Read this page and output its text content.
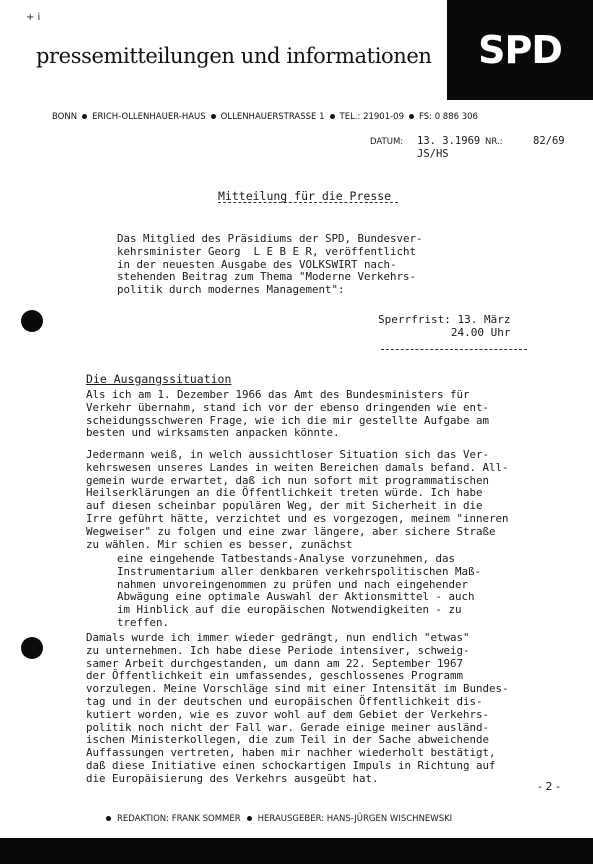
+ i
pressemitteilungen und informationen	SPD
BONN ERICH-OLLENHAUER-HAUS OLLENHAUERSTRASSE 1 TEL.: 21901-09 FS: 0 886 306
DATUM: 13. 3.1969 NR.:	82/69
JS/HS
Mitteilung für die Presse
Das Mitglied des Präsidiums der SPD, Bundesver-
kehrsminister Georg  L E B E R, veröffentlicht
in der neuesten Ausgabe des VOLKSWIRT nach-
stehenden Beitrag zum Thema "Moderne Verkehrs-
politik durch modernes Management":
Sperrfrist: 13. März
24.00 Uhr
Die Ausgangssituation
Als ich am 1. Dezember 1966 das Amt des Bundesministers für
Verkehr übernahm, stand ich vor der ebenso dringenden wie ent-
scheidungsschweren Frage, wie ich die mir gestellte Aufgabe am
besten und wirksamsten anpacken könnte.
Jedermann weiß, in welch aussichtloser Situation sich das Ver-
kehrswesen unseres Landes in weiten Bereichen damals befand. All-
gemein wurde erwartet, daß ich nun sofort mit programmatischen
Heilserklärungen an die Öffentlichkeit treten würde. Ich habe
auf diesen scheinbar populären Weg, der mit Sicherheit in die
Irre geführt hätte, verzichtet und es vorgezogen, meinem "inneren
Wegweiser" zu folgen und eine zwar längere, aber sichere Straße
zu wählen. Mir schien es besser, zunächst
eine eingehende Tatbestands-Analyse vorzunehmen, das
Instrumentarium aller denkbaren verkehrspolitischen Maß-
nahmen unvoreingenommen zu prüfen und nach eingehender
Abwägung eine optimale Auswahl der Aktionsmittel - auch
im Hinblick auf die europäischen Notwendigkeiten - zu
treffen.
Damals wurde ich immer wieder gedrängt, nun endlich "etwas"
zu unternehmen. Ich habe diese Periode intensiver, schweig-
samer Arbeit durchgestanden, um dann am 22. September 1967
der Öffentlichkeit ein umfassendes, geschlossenes Programm
vorzulegen. Meine Vorschläge sind mit einer Intensität im Bundes-
tag und in der deutschen und europäischen Öffentlichkeit dis-
kutiert worden, wie es zuvor wohl auf dem Gebiet der Verkehrs-
politik noch nicht der Fall war. Gerade einige meiner ausländ-
ischen Ministerkollegen, die zum Teil in der Sache abweichende
Auffassungen vertreten, haben mir nachher wiederholt bestätigt,
daß diese Initiative einen schockartigen Impuls in Richtung auf
die Europäisierung des Verkehrs ausgeübt hat.
- 2 -
REDAKTION: FRANK SOMMER HERAUSGEBER: HANS-JÜRGEN WISCHNEWSKI
